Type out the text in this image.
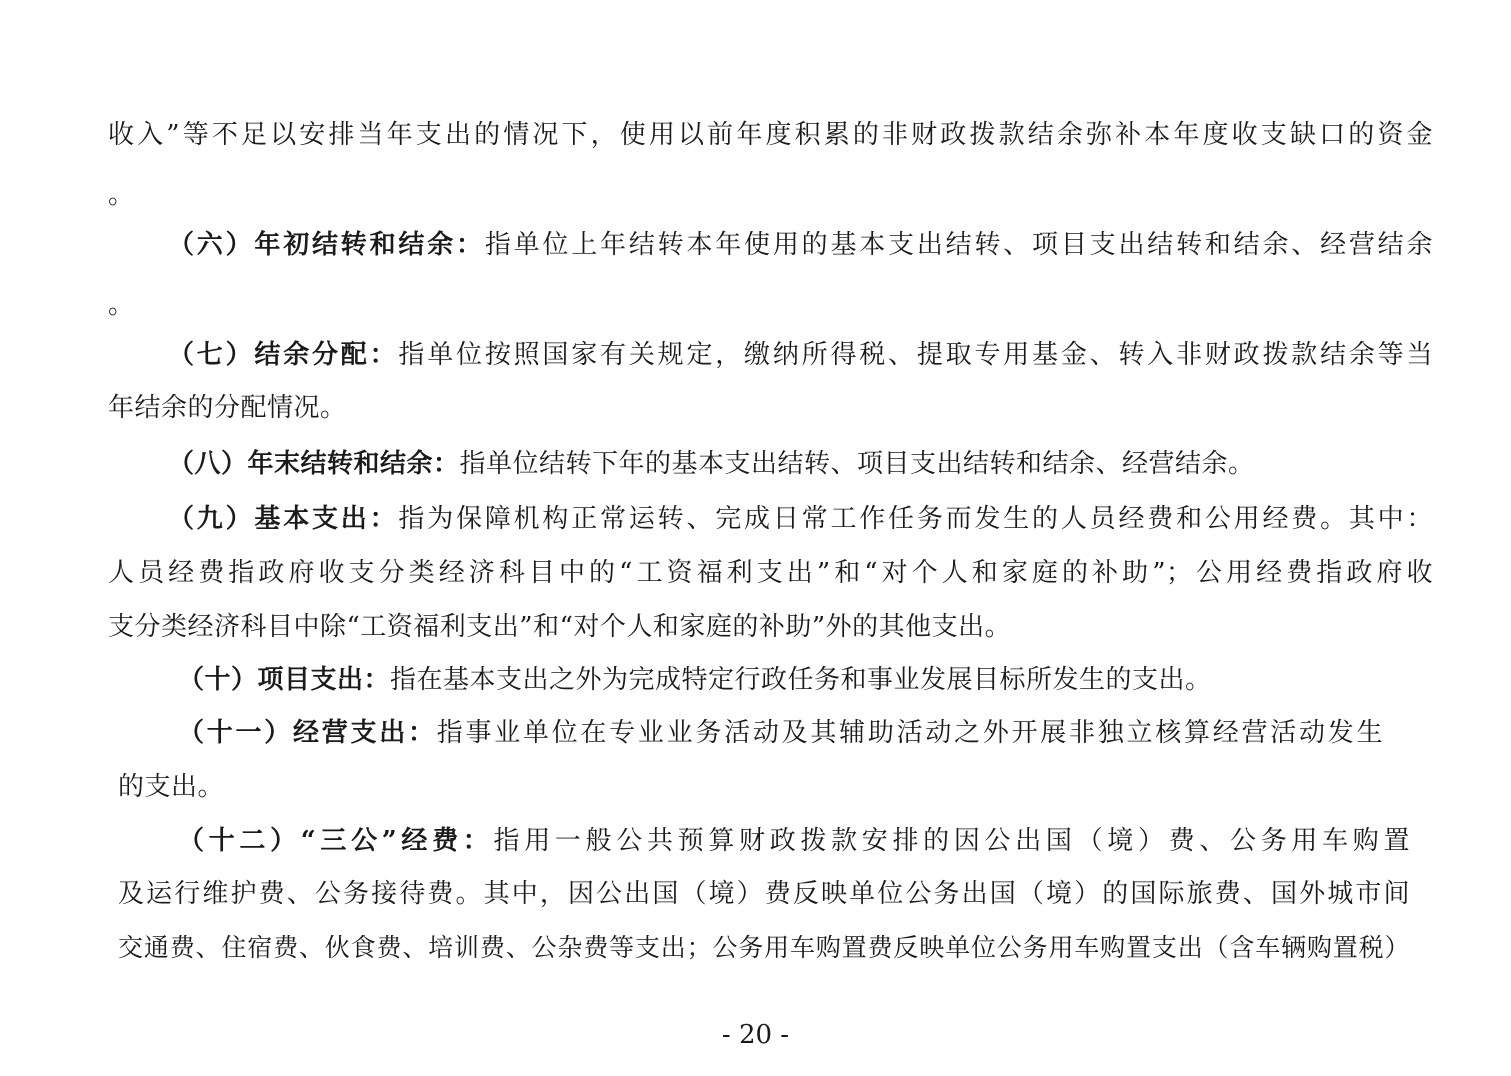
收入”等不足以安排当年支出的情况下，使用以前年度积累的非财政拨款结余弥补本年度收支缺口的资金
。
（六）年初结转和结余：指单位上年结转本年使用的基本支出结转、项目支出结转和结余、经营结余
。
（七）结余分配：指单位按照国家有关规定，缴纳所得税、提取专用基金、转入非财政拨款结余等当
年结余的分配情况。
（八）年末结转和结余：指单位结转下年的基本支出结转、项目支出结转和结余、经营结余。
（九）基本支出：指为保障机构正常运转、完成日常工作任务而发生的人员经费和公用经费。其中：
人员经费指政府收支分类经济科目中的“工资福利支出”和“对个人和家庭的补助”；公用经费指政府收
支分类经济科目中除“工资福利支出”和“对个人和家庭的补助”外的其他支出。
（十）项目支出：指在基本支出之外为完成特定行政任务和事业发展目标所发生的支出。
（十一）经营支出：指事业单位在专业业务活动及其辅助活动之外开展非独立核算经营活动发生
的支出。
（十二）“三公”经费：指用一般公共预算财政拨款安排的因公出国（境）费、公务用车购置
及运行维护费、公务接待费。其中，因公出国（境）费反映单位公务出国（境）的国际旅费、国外城市间
交通费、住宿费、伙食费、培训费、公杂费等支出；公务用车购置费反映单位公务用车购置支出（含车辆购置税）
- 20 -
